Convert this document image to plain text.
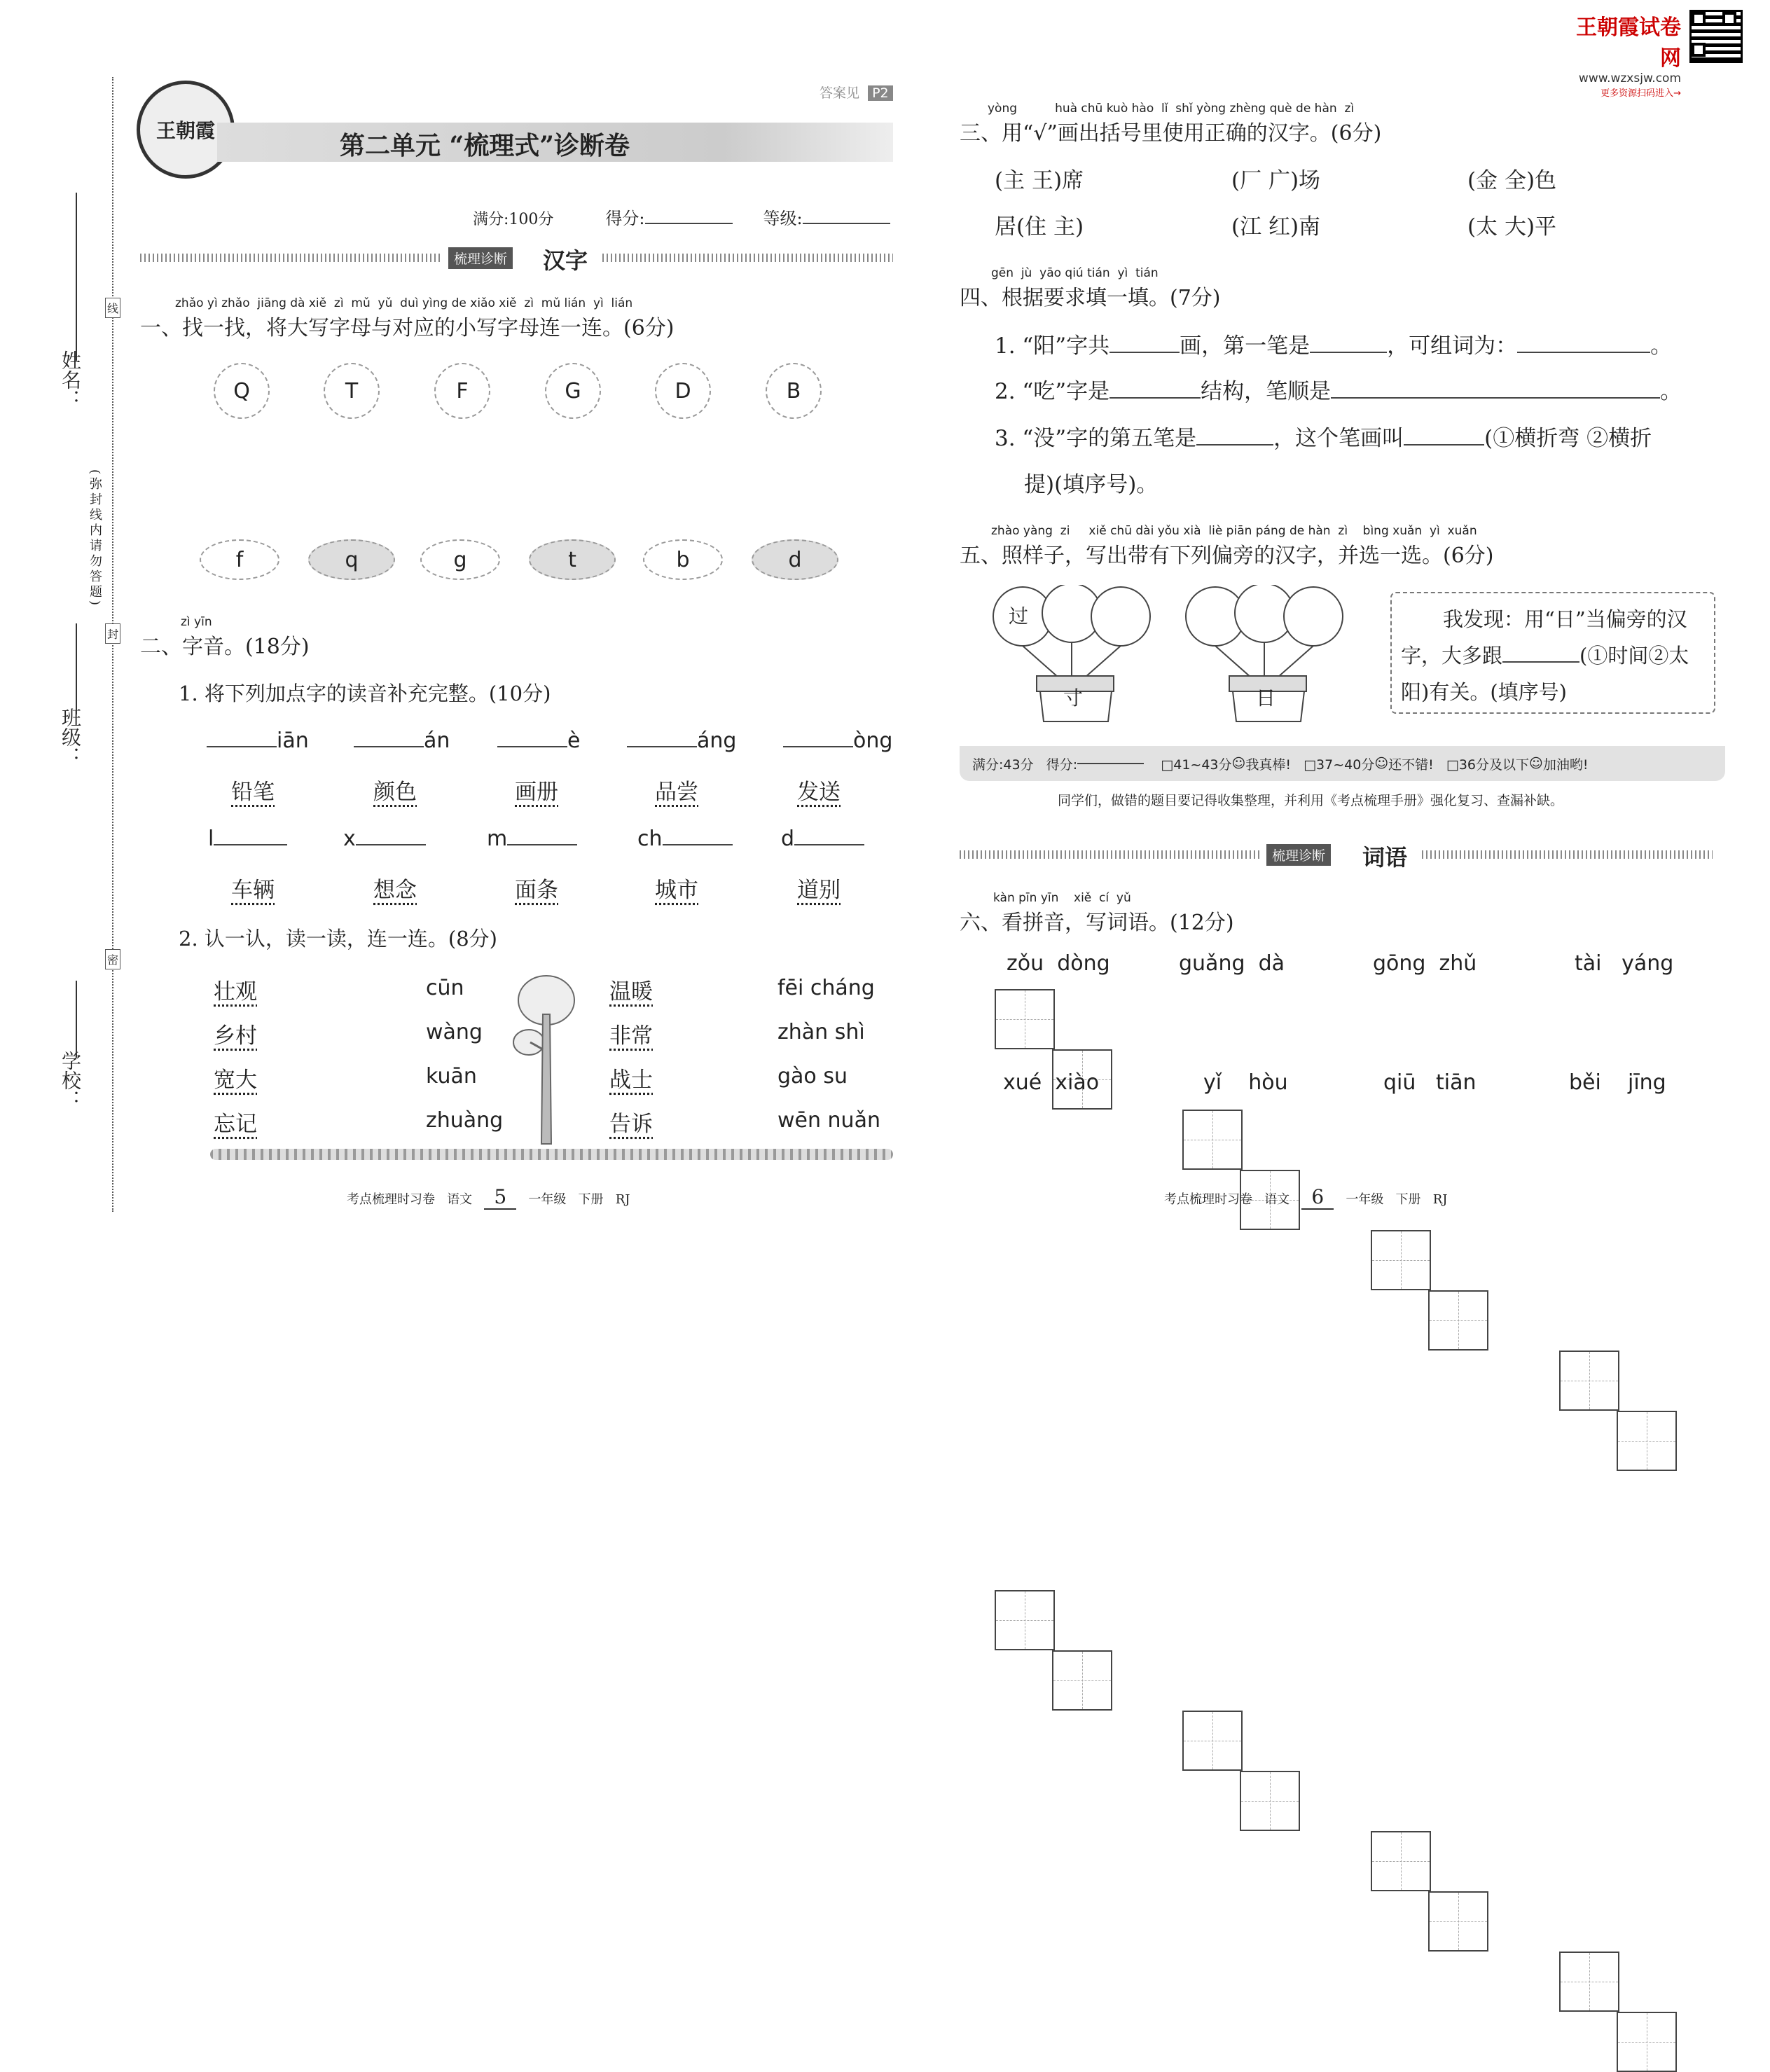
王朝霞试卷网
www.wzxsjw.com
更多资源扫码进入→
姓名：
班级：
学校：
(弥封线内请勿答题)
线
封
密
王朝霞
答案见 P2
第二单元 “梳理式”诊断卷
满分:100分	得分:	等级:
梳理诊断 汉字
zhǎo yì zhǎo  jiāng dà xiě  zì  mǔ  yǔ  duì yìng de xiǎo xiě  zì  mǔ lián  yì  lián
一、找一找，将大写字母与对应的小写字母连一连。(6分)
Q	T	F	G	D	B
f	q	g	t	b	d
zì yīn
二、字音。(18分)
1. 将下列加点字的读音补充完整。(10分)
iān	án	è	áng	òng
铅笔	颜色	画册	品尝	发送
l	x	m	ch	d
车辆	想念	面条	城市	道别
2. 认一认，读一读，连一连。(8分)
壮观
乡村
宽大
忘记
cūn
wàng
kuān
zhuàng
温暖
非常
战士
告诉
fēi cháng
zhàn shì
gào su
wēn nuǎn
考点梳理时习卷 语文 5 一年级 下册 RJ
yòng          huà chū kuò hào  lǐ  shǐ yòng zhèng què de hàn  zì
三、用“√”画出括号里使用正确的汉字。(6分)
(主 王)席	(厂 广)场	(金 全)色
居(住 主)	(江 红)南	(太 大)平
gēn  jù  yāo qiú tián  yì  tián
四、根据要求填一填。(7分)
1. “阳”字共	画，第一笔是	，可组词为：	。
2. “吃”字是	结构，笔顺是	。
3. “没”字的第五笔是	，这个笔画叫	(①横折弯 ②横折
提)(填序号)。
zhào yàng  zi     xiě chū dài yǒu xià  liè piān páng de hàn  zì    bìng xuǎn  yì  xuǎn
五、照样子，写出带有下列偏旁的汉字，并选一选。(6分)
过
寸	日
我发现：用“日”当偏旁的汉字，大多跟	(①时间②太阳)有关。(填序号)
满分:43分
得分:
	□41~43分 ☺ 我真棒!
□37~40分 ☺ 还不错!
□36分及以下 ☺ 加油哟!
同学们，做错的题目要记得收集整理，并利用《考点梳理手册》强化复习、查漏补缺。
梳理诊断 词语
kàn pīn yīn    xiě  cí  yǔ
六、看拼音，写词语。(12分)
zǒu  dòng	guǎng  dà	gōng  zhǔ	tài   yáng
xué  xiào	yǐ    hòu	qiū   tiān	běi    jīng
考点梳理时习卷 语文 6 一年级 下册 RJ
